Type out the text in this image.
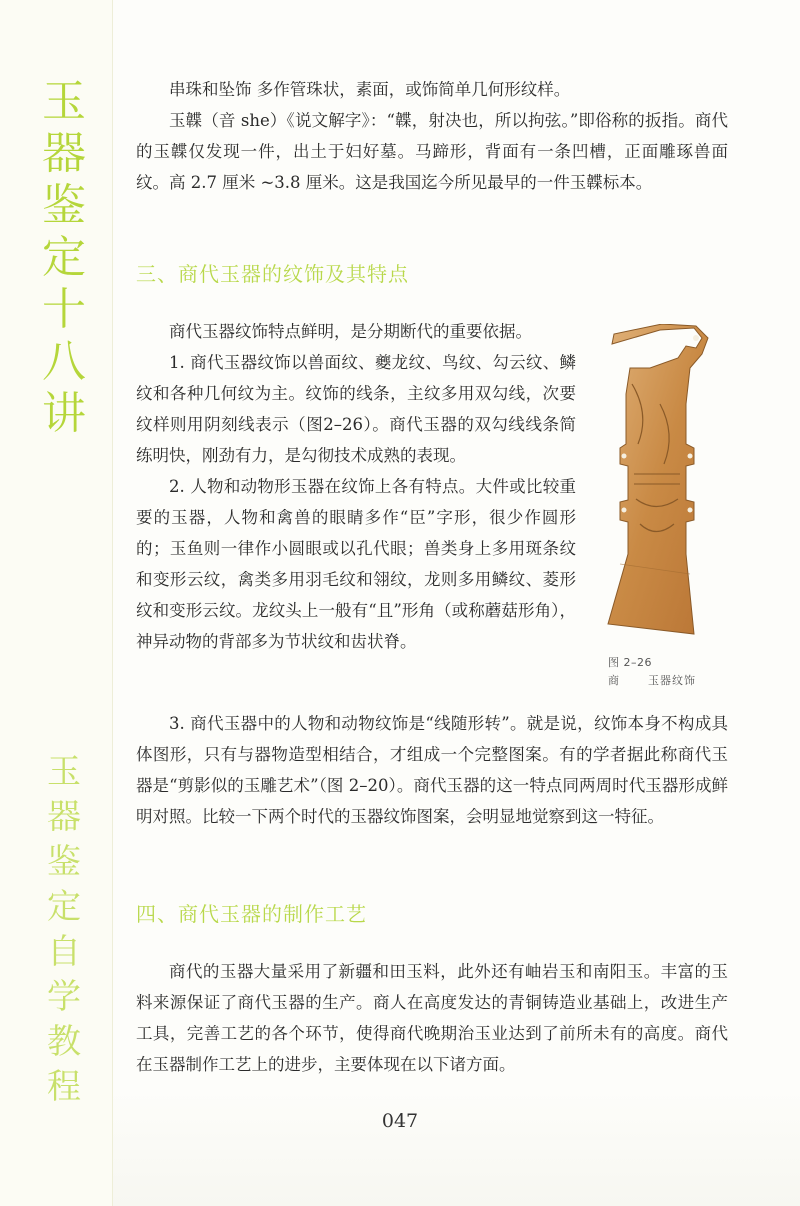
玉
器
鉴
定
十
八
讲
玉
器
鉴
定
自
学
教
程

串珠和坠饰 多作管珠状，素面，或饰简单几何形纹样。

玉韘（音 she）《说文解字》：“韘，射决也，所以拘弦。”即俗称的扳指。商代的玉韘仅发现一件，出土于妇好墓。马蹄形，背面有一条凹槽，正面雕琢兽面纹。高 2.7 厘米 ~3.8 厘米。这是我国迄今所见最早的一件玉韘标本。

三、商代玉器的纹饰及其特点

商代玉器纹饰特点鲜明，是分期断代的重要依据。

1. 商代玉器纹饰以兽面纹、夔龙纹、鸟纹、勾云纹、鳞纹和各种几何纹为主。纹饰的线条，主纹多用双勾线，次要纹样则用阴刻线表示（图2–26）。商代玉器的双勾线线条简练明快，刚劲有力，是勾彻技术成熟的表现。

2. 人物和动物形玉器在纹饰上各有特点。大件或比较重要的玉器，人物和禽兽的眼睛多作“臣”字形，很少作圆形的；玉鱼则一律作小圆眼或以孔代眼；兽类身上多用斑条纹和变形云纹，禽类多用羽毛纹和翎纹，龙则多用鳞纹、菱形纹和变形云纹。龙纹头上一般有“且”形角（或称蘑菇形角），神异动物的背部多为节状纹和齿状脊。

图 2–26
商	玉器纹饰

3. 商代玉器中的人物和动物纹饰是“线随形转”。就是说，纹饰本身不构成具体图形，只有与器物造型相结合，才组成一个完整图案。有的学者据此称商代玉器是“剪影似的玉雕艺术”（图 2–20）。商代玉器的这一特点同两周时代玉器形成鲜明对照。比较一下两个时代的玉器纹饰图案，会明显地觉察到这一特征。

四、商代玉器的制作工艺

商代的玉器大量采用了新疆和田玉料，此外还有岫岩玉和南阳玉。丰富的玉料来源保证了商代玉器的生产。商人在高度发达的青铜铸造业基础上，改进生产工具，完善工艺的各个环节，使得商代晚期治玉业达到了前所未有的高度。商代在玉器制作工艺上的进步，主要体现在以下诸方面。

047
